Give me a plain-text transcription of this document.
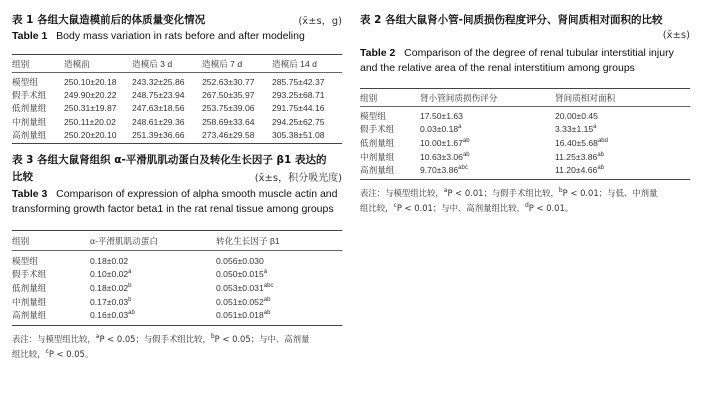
表 1 各组大鼠造模前后的体质量变化情况	(x̄±s，g)
Table 1 Body mass variation in rats before and after modeling
组别	造模前	造模后 3 d	造模后 7 d	造模后 14 d
模型组	250.10±20.18	243.32±25.86	252.63±30.77	285.75±42.37
假手术组	249.90±20.22	248.75±23.94	267.50±35.97	293.25±68.71
低剂量组	250.31±19.87	247.63±18.56	253.75±39.06	291.75±44.16
中剂量组	250.11±20.02	248.61±29.36	258.69±33.64	294.25±62.75
高剂量组	250.20±20.10	251.39±36.66	273.46±29.58	305.38±51.08
表 2 各组大鼠肾小管-间质损伤程度评分、肾间质相对面积的比较
(x̄±s)
Table 2 Comparison of the degree of renal tubular interstitial injury and the relative area of the renal interstitium among groups
组别	肾小管间质损伤评分	肾间质相对面积
模型组	17.50±1.63	20.00±0.45
假手术组	0.03±0.18$^a$	3.33±1.15$^a$
低剂量组	10.00±1.67$^{ab}$	16.40±5.68$^{abd}$
中剂量组	10.63±3.06$^{ab}$	11.25±3.86$^{ab}$
高剂量组	9.70±3.86$^{abc}$	11.20±4.66$^{ab}$
表注：与模型组比较，$^a$P < 0.01；与假手术组比较，$^b$P < 0.01；与低、中剂量
组比较，$^c$P < 0.01；与中、高剂量组比较，$^d$P < 0.01。
表 3 各组大鼠肾组织 α-平滑肌肌动蛋白及转化生长因子 β1 表达的
比较	(x̄±s，积分吸光度)
Table 3 Comparison of expression of alpha smooth muscle actin and transforming growth factor beta1 in the rat renal tissue among groups
组别	α-平滑肌肌动蛋白	转化生长因子 β1
模型组	0.18±0.02	0.056±0.030
假手术组	0.10±0.02$^a$	0.050±0.015$^a$
低剂量组	0.18±0.02$^b$	0.053±0.031$^{abc}$
中剂量组	0.17±0.03$^b$	0.051±0.052$^{ab}$
高剂量组	0.16±0.03$^{ab}$	0.051±0.018$^{ab}$
表注：与模型组比较，$^a$P < 0.05；与假手术组比较，$^b$P < 0.05；与中、高剂量
组比较，$^c$P < 0.05。
